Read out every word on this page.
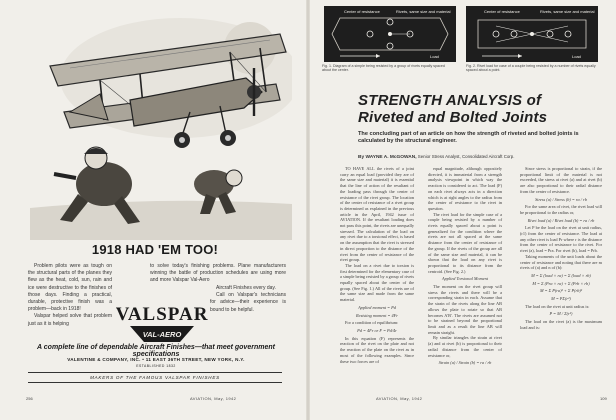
1918 HAD 'EM TOO!

Problem pilots were as tough on the structural parts of the planes they flew as the heat, cold, sun, rain and ice were destructive to the finishes of those days. Finding a practical, durable, protective finish was a problem—back in 1918!

Valspar helped solve that problem just as it is helping

to solve today's finishing problems. Plane manufacturers winning the battle of production schedules are using more and more Valspar Val-Aero

Aircraft Finishes every day.

Call on Valspar's technicians for advice—their experience is bound to be helpful.

VALSPAR
VAL-AERO
A complete line of dependable Aircraft Finishes—that meet government specifications
VALENTINE & COMPANY, INC. • 11 EAST 36TH STREET, NEW YORK, N.Y.
ESTABLISHED 1832
MAKERS OF THE FAMOUS VALSPAR FINISHES
256	AVIATION, May, 1942
Center of resistance	Rivets, same size and material
Load
Center of resistance	Rivets, same size and material
Load
Fig. 1. Diagram of a simple being resisted by a group of rivets equally spaced about the center.
Fig. 2. Rivet load for case of a couple being resisted by a number of rivets equally spaced about a point.
STRENGTH ANALYSIS of
Riveted and Bolted Joints
The concluding part of an article on how the strength of riveted and bolted joints is calculated by the structural engineer.
By WAYNE A. McGOWAN, Senior Stress Analyst, Consolidated Aircraft Corp.

TO HAVE ALL the rivets of a joint carry an equal load (provided they are of the same size and material) it is essential that the line of action of the resultant of the loading pass through the center of resistance of the rivet group. The location of the center of resistance of a rivet group is determined as explained in the previous article in the April, 1942 issue of AVIATION. If the resultant loading does not pass this point, the rivets are unequally stressed. The calculation of the load on any rivet due to a torsional effect, is based on the assumption that the rivet is stressed in direct proportion to the distance of the rivet from the center of resistance of the rivet group.

The load on a rivet due to torsion is first determined for the elementary case of a simple being resisted by a group of rivets equally spaced about the center of the group. (See Fig. 1.) All of the rivets are of the same size and made from the same material.

Applied moment = Pd

Resisting moment = 4Fr

For a condition of equilibrium:

Pd = 4Fr or F = Pd/4r

In this equation (F) represents the reaction of the rivet on the plate and not the reaction of the plate on the rivet as in most of the following examples. Since these two forces are of

equal magnitude, although oppositely directed, it is immaterial from a strength analysis viewpoint in which way the reaction is considered to act. The load (F) on each rivet always acts in a direction which is at right angles to the radius from the center of resistance to the rivet in question.

The rivet load for the simple case of a couple being resisted by a number of rivets equally spaced about a point is generalized for the condition where the rivets are not all spaced at the same distance from the center of resistance of the group. If the rivets of the group are all of the same size and material, it can be shown that the load on any rivet is proportional to its distance from the centroid. (See Fig. 2.)

Applied Torsional Moment

The moment on the rivet group will stress the rivets and there will be a corresponding strain in each. Assume that the strain of the rivets along the line AB allows the plate to rotate so that AB becomes A'B'. The rivets are assumed not to be strained beyond the proportional limit and as a result the line AB will remain straight.

By similar triangles the strain at rivet (a) and at rivet (b) is proportional to their radial distance from the center of resistance or,

Strain (a) / Strain (b) = ra / rb

Since stress is proportional to strain, if the proportional limit of the material is not exceeded, the stress at rivet (a) and at rivet (b) are also proportional to their radial distance from the center of resistance.

Stress (a) / Stress (b) = ra / rb

For the same area of rivet, the rivet load will be proportional to the radius or,

Rivet load (a) / Rivet load (b) = ra / rb

Let P be the load on the rivet at unit radius, (r1) from the center of resistance. The load at any other rivet is load Pr where r is the distance from the center of resistance to the rivet. For rivet (a), load = Pra. For rivet (b), load = Prb.

Taking moments of the unit loads about the center of resistance and noting that there are m rivets of (a) and n of (b):

M = Σ (load × ra) = Σ (load × rb)

M = Σ (Pra × ra) + Σ (Prb × rb)

M = Σ P(ra)² + Σ P(rb)²

M = PΣ(r²)

The load on the rivet at unit radius is:

P = M / Σ(r²)

The load on the rivet (a) is the maximum load and is:

AVIATION, May, 1942	109
